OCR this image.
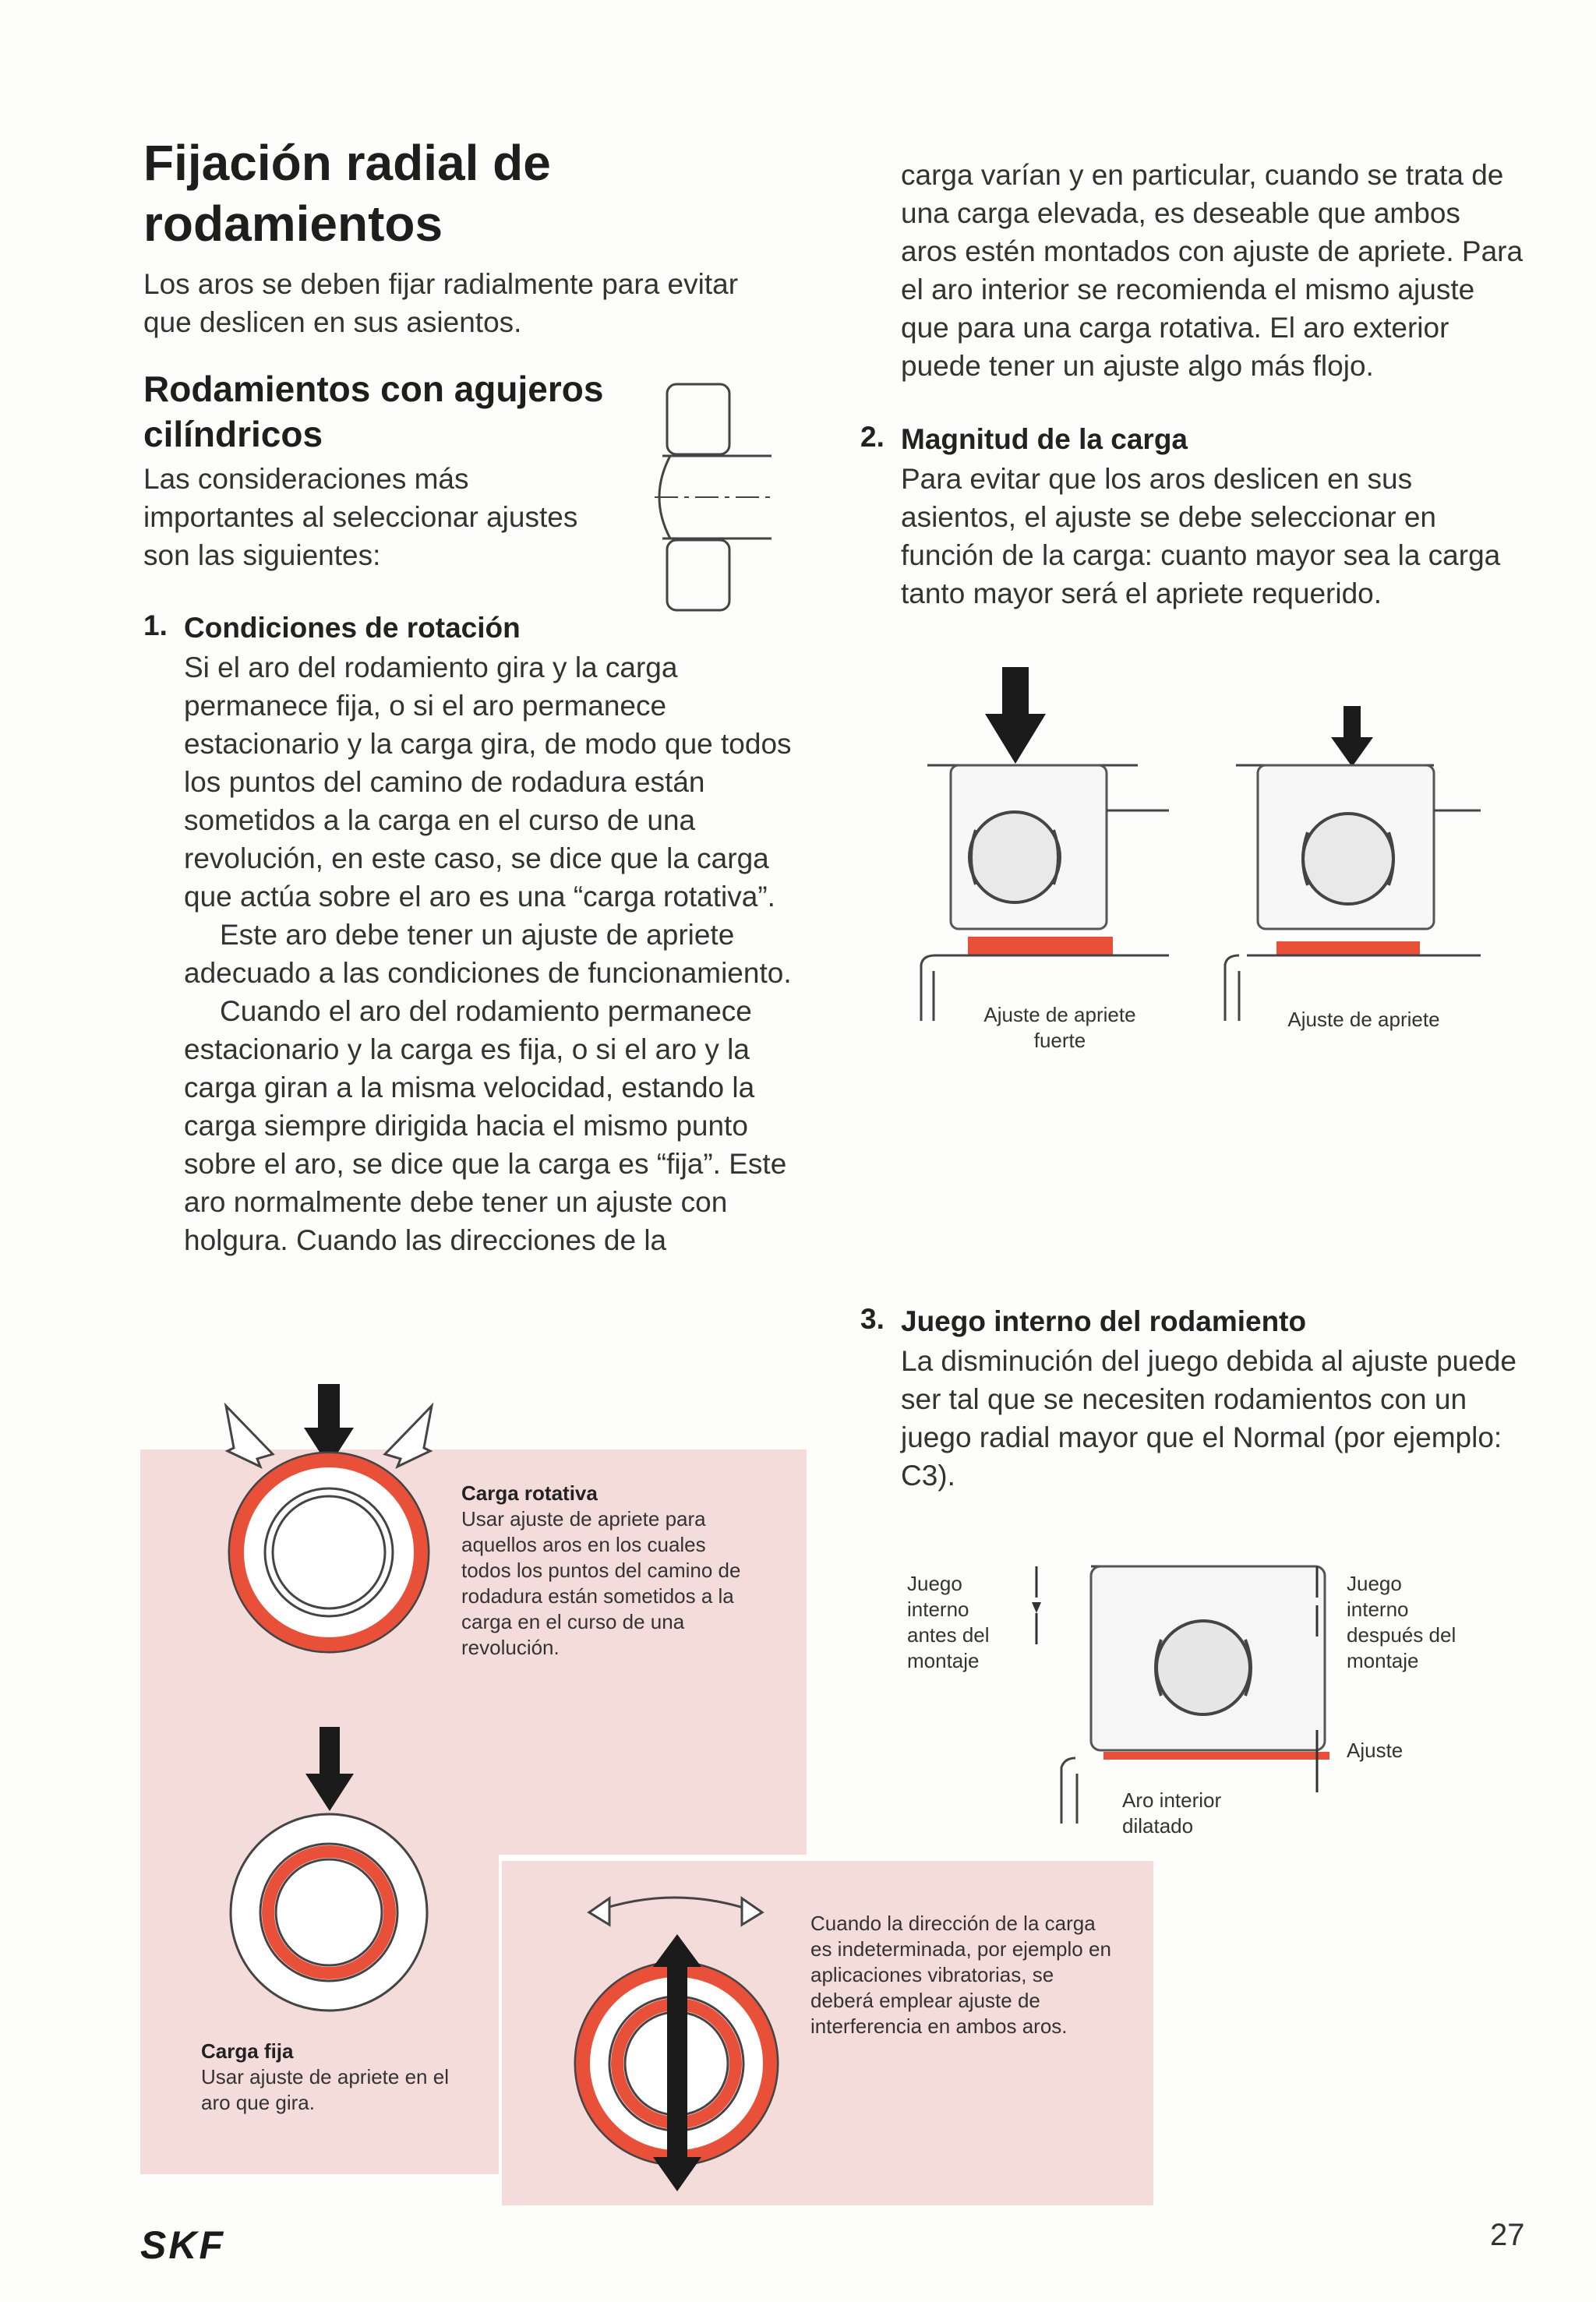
Fijación radial de rodamientos

Los aros se deben fijar radialmente para evitar que deslicen en sus asientos.

Rodamientos con agujeros cilíndricos

Las consideraciones más importantes al seleccionar ajustes son las siguientes:

1. Condiciones de rotación

Si el aro del rodamiento gira y la carga permanece fija, o si el aro permanece estacionario y la carga gira, de modo que todos los puntos del camino de rodadura están sometidos a la carga en el curso de una revolución, en este caso, se dice que la carga que actúa sobre el aro es una “carga rotativa”.

Este aro debe tener un ajuste de apriete adecuado a las condiciones de funcionamiento.

Cuando el aro del rodamiento permanece estacionario y la carga es fija, o si el aro y la carga giran a la misma velocidad, estando la carga siempre dirigida hacia el mismo punto sobre el aro, se dice que la carga es “fija”. Este aro normalmente debe tener un ajuste con holgura. Cuando las direcciones de la

carga varían y en particular, cuando se trata de una carga elevada, es deseable que ambos aros estén montados con ajuste de apriete. Para el aro interior se recomienda el mismo ajuste que para una carga rotativa. El aro exterior puede tener un ajuste algo más flojo.

2. Magnitud de la carga

Para evitar que los aros deslicen en sus asientos, el ajuste se debe seleccionar en función de la carga: cuanto mayor sea la carga tanto mayor será el apriete requerido.

Ajuste de apriete fuerte
Ajuste de apriete
3. Juego interno del rodamiento

La disminución del juego debida al ajuste puede ser tal que se necesiten rodamientos con un juego radial mayor que el Normal (por ejemplo: C3).

Juego interno antes del montaje
Juego interno después del montaje
Ajuste
Aro interior dilatado
Carga rotativa
Usar ajuste de apriete para aquellos aros en los cuales todos los puntos del camino de rodadura están sometidos a la carga en el curso de una revolución.
Carga fija
Usar ajuste de apriete en el aro que gira.
Cuando la dirección de la carga es indeterminada, por ejemplo en aplicaciones vibratorias, se deberá emplear ajuste de interferencia en ambos aros.
SKF	27
